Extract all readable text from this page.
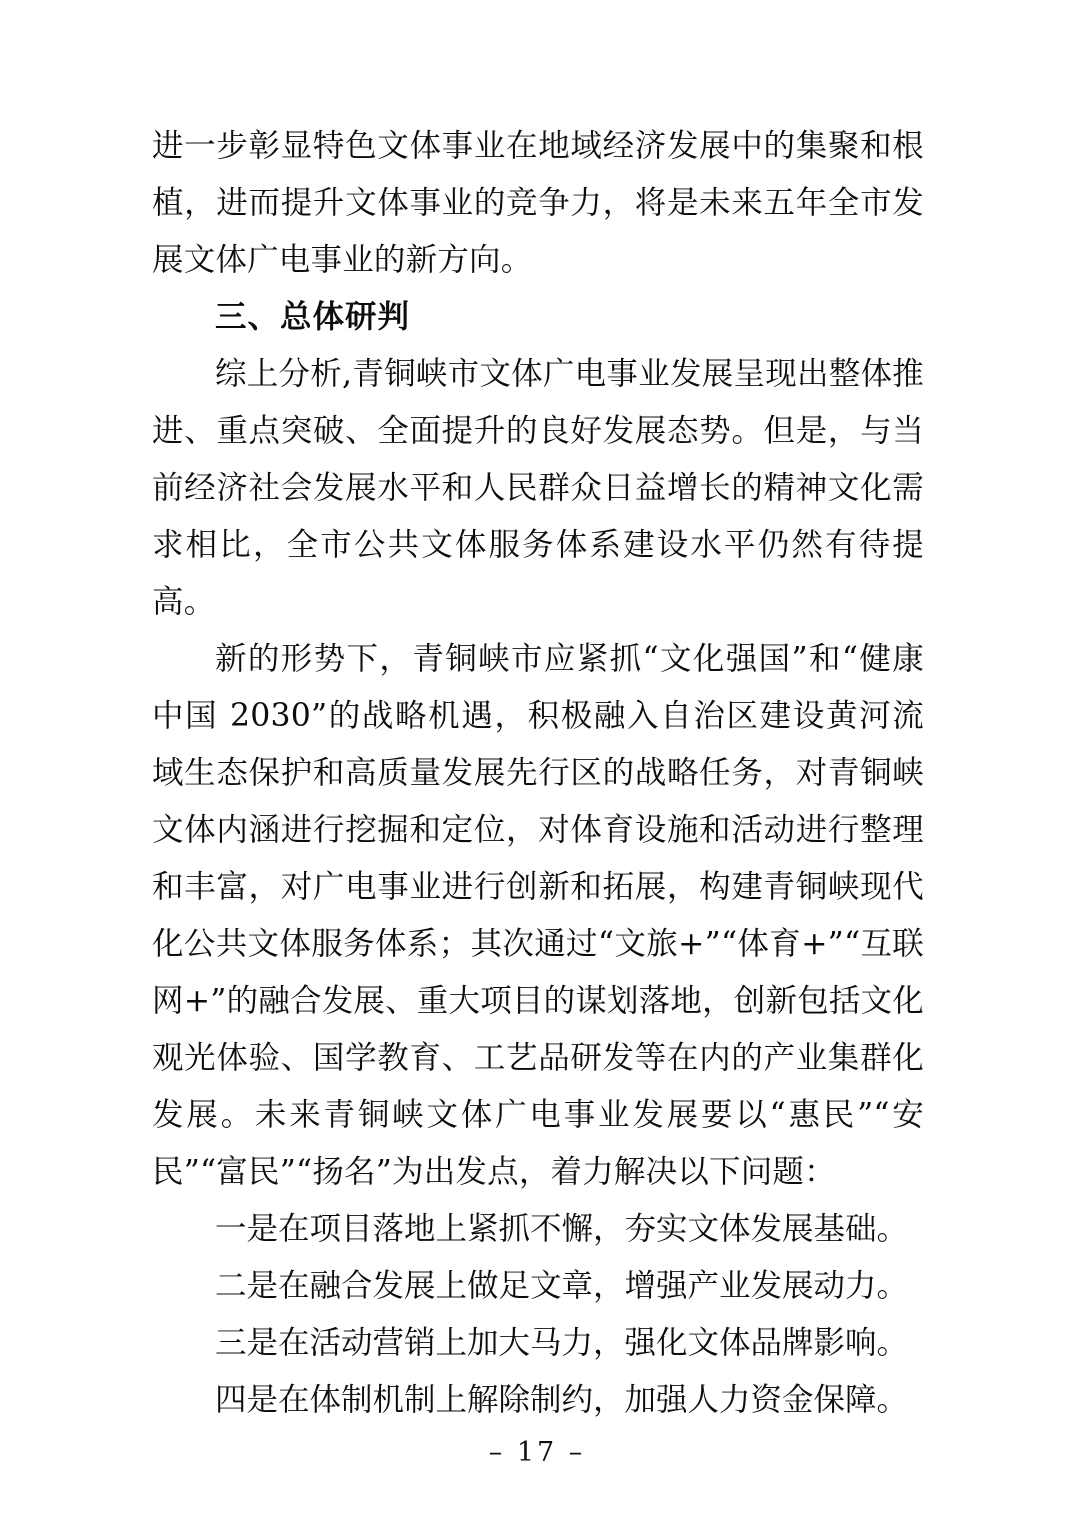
进一步彰显特色文体事业在地域经济发展中的集聚和根植，进而提升文体事业的竞争力，将是未来五年全市发展文体广电事业的新方向。

三、总体研判

综上分析,青铜峡市文体广电事业发展呈现出整体推进、重点突破、全面提升的良好发展态势。但是，与当前经济社会发展水平和人民群众日益增长的精神文化需求相比，全市公共文体服务体系建设水平仍然有待提高。

新的形势下，青铜峡市应紧抓“文化强国”和“健康中国 2030”的战略机遇，积极融入自治区建设黄河流域生态保护和高质量发展先行区的战略任务，对青铜峡文体内涵进行挖掘和定位，对体育设施和活动进行整理和丰富，对广电事业进行创新和拓展，构建青铜峡现代化公共文体服务体系；其次通过“文旅+”“体育+”“互联网+”的融合发展、重大项目的谋划落地，创新包括文化观光体验、国学教育、工艺品研发等在内的产业集群化发展。未来青铜峡文体广电事业发展要以“惠民”“安民”“富民”“扬名”为出发点，着力解决以下问题：

一是在项目落地上紧抓不懈，夯实文体发展基础。

二是在融合发展上做足文章，增强产业发展动力。

三是在活动营销上加大马力，强化文体品牌影响。

四是在体制机制上解除制约，加强人力资金保障。

– 17 –
